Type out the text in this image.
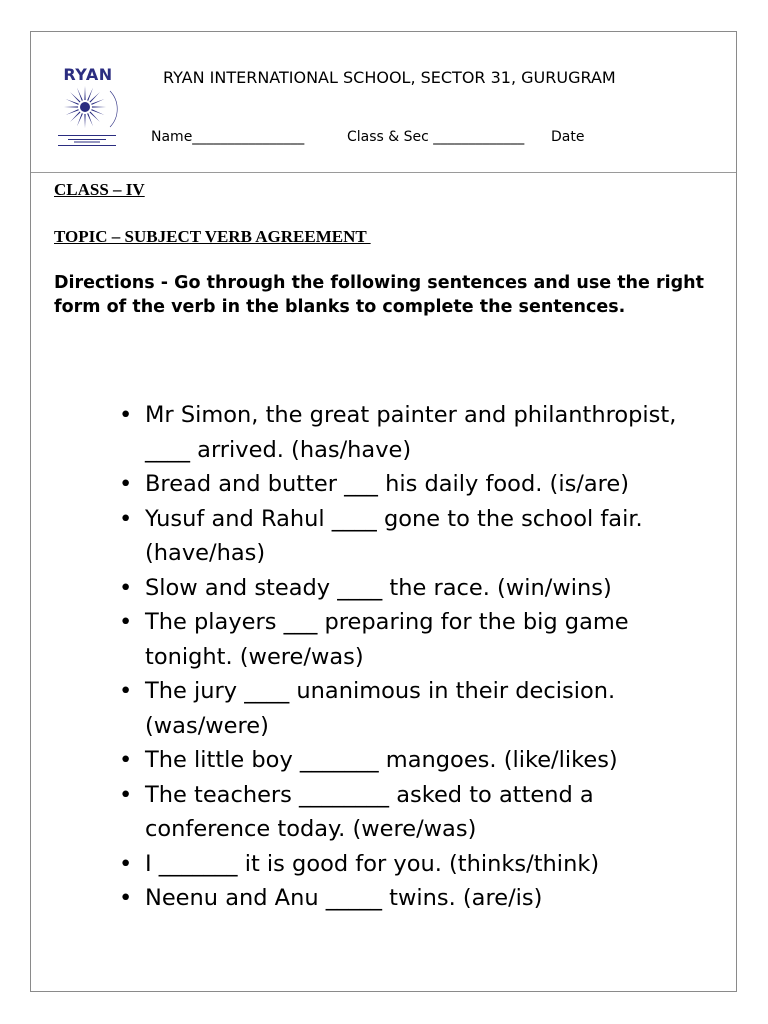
RYAN	RYAN INTERNATIONAL SCHOOL, SECTOR 31, GURUGRAM
Name________________	Class & Sec _____________ Date
CLASS – IV
TOPIC – SUBJECT VERB AGREEMENT
Directions - Go through the following sentences and use the right form of the verb in the blanks to complete the sentences.
• Mr Simon, the great painter and philanthropist, ____ arrived. (has/have)
• Bread and butter ___ his daily food. (is/are)
• Yusuf and Rahul ____ gone to the school fair. (have/has)
• Slow and steady ____ the race. (win/wins)
• The players ___ preparing for the big game tonight. (were/was)
• The jury ____ unanimous in their decision. (was/were)
• The little boy _______ mangoes. (like/likes)
• The teachers ________ asked to attend a conference today. (were/was)
• I _______ it is good for you. (thinks/think)
• Neenu and Anu _____ twins. (are/is)
